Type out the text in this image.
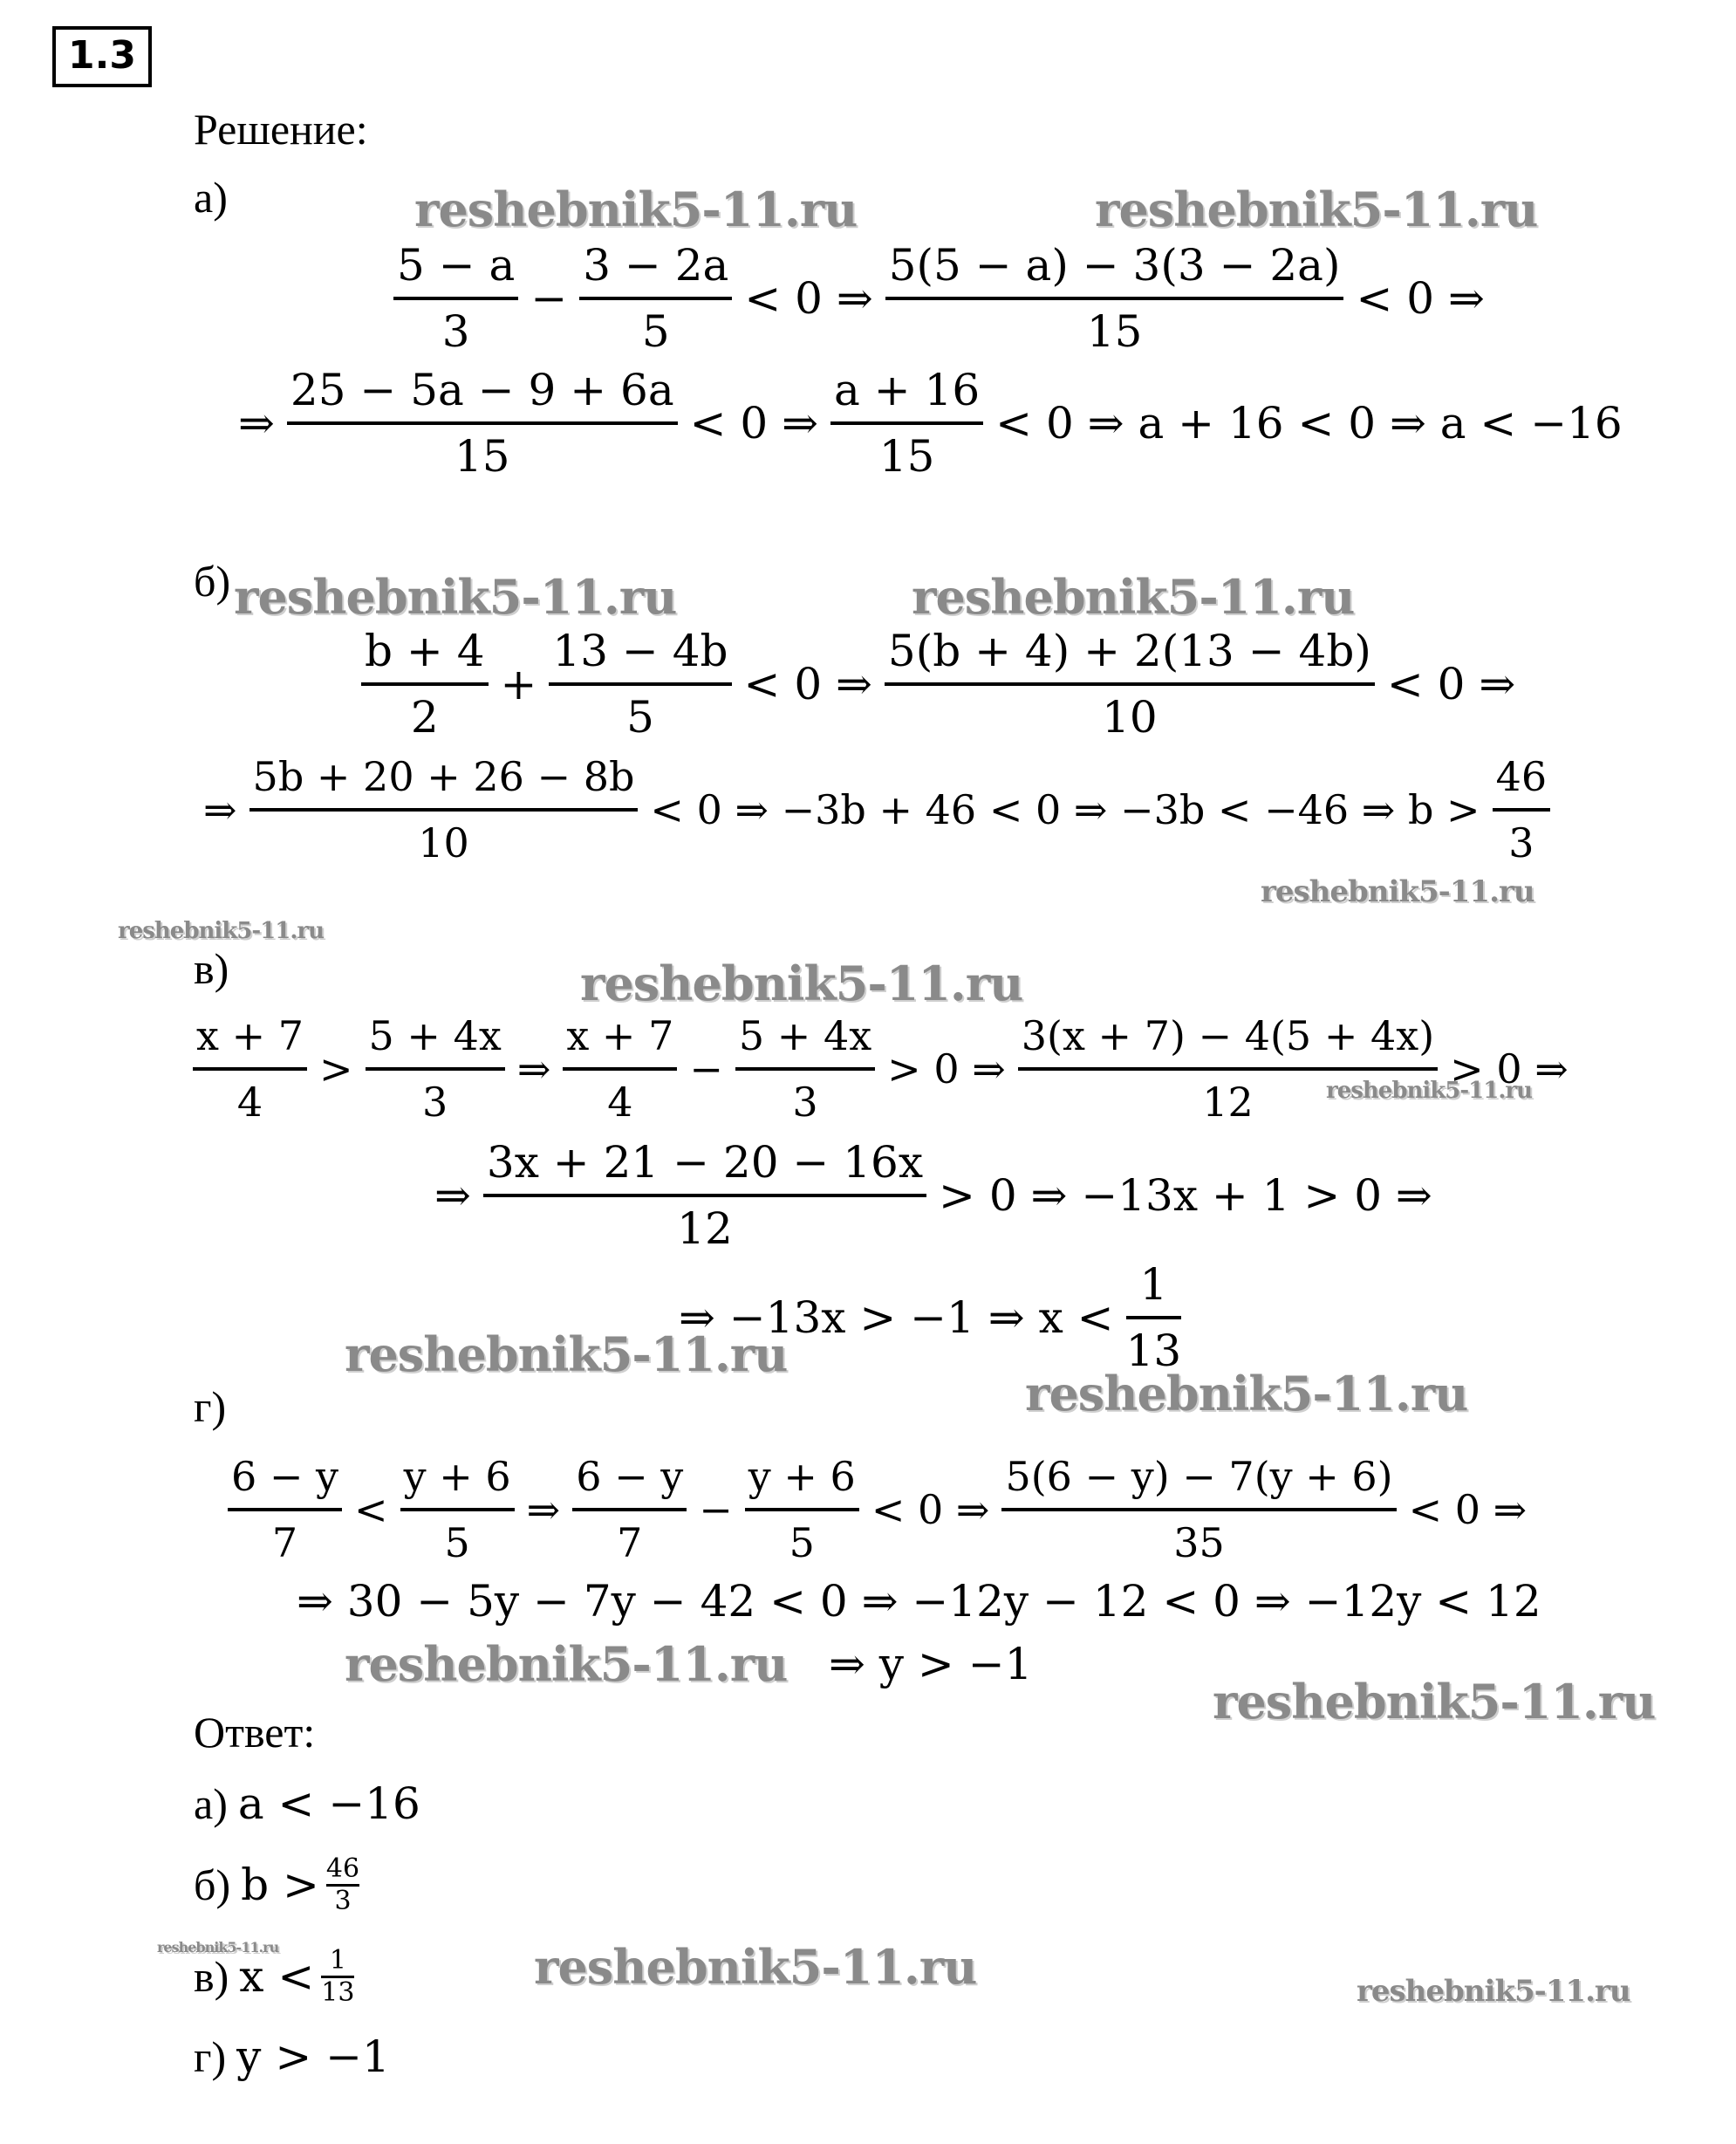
1.3
Решение:
reshebnik5-11.ru	reshebnik5-11.ru
reshebnik5-11.ru	reshebnik5-11.ru
reshebnik5-11.ru
reshebnik5-11.ru
reshebnik5-11.ru
reshebnik5-11.ru
reshebnik5-11.ru
reshebnik5-11.ru
reshebnik5-11.ru
reshebnik5-11.ru
reshebnik5-11.ru	reshebnik5-11.ru	reshebnik5-11.ru
а)
$\frac{5 - a}{3} - \frac{3 - 2a}{5} < 0$ ⇒ $\frac{5(5 - a) - 3(3 - 2a)}{15} < 0$ ⇒
⇒ $\frac{25 - 5a - 9 + 6a}{15} < 0$ ⇒ $\frac{a + 16}{15} < 0$ ⇒ a + 16 < 0 ⇒ a < −16
б)
$\frac{b + 4}{2} + \frac{13 - 4b}{5} < 0$ ⇒ $\frac{5(b + 4) + 2(13 - 4b)}{10} < 0$ ⇒
⇒ $\frac{5b + 20 + 26 - 8b}{10} < 0$ ⇒ −3b + 46 < 0 ⇒ −3b < −46 ⇒ $b > \frac{46}{3}$
в)
$\frac{x + 7}{4} > \frac{5 + 4x}{3}$ ⇒ $\frac{x + 7}{4} - \frac{5 + 4x}{3} > 0$ ⇒ $\frac{3(x + 7) - 4(5 + 4x)}{12} > 0$ ⇒
⇒ $\frac{3x + 21 - 20 - 16x}{12} > 0$ ⇒ −13x + 1 > 0 ⇒
⇒ −13x > −1 ⇒ $x < \frac{1}{13}$
г)
$\frac{6 - y}{7} < \frac{y + 6}{5}$ ⇒ $\frac{6 - y}{7} - \frac{y + 6}{5} < 0$ ⇒ $\frac{5(6 - y) - 7(y + 6)}{35} < 0$ ⇒
⇒ 30 − 5y − 7y − 42 < 0 ⇒ −12y − 12 < 0 ⇒ −12y < 12
⇒ y > −1
Ответ:
а) a < −16
б) $b > \frac{46}{3}$
в) $x < \frac{1}{13}$
г) y > −1
